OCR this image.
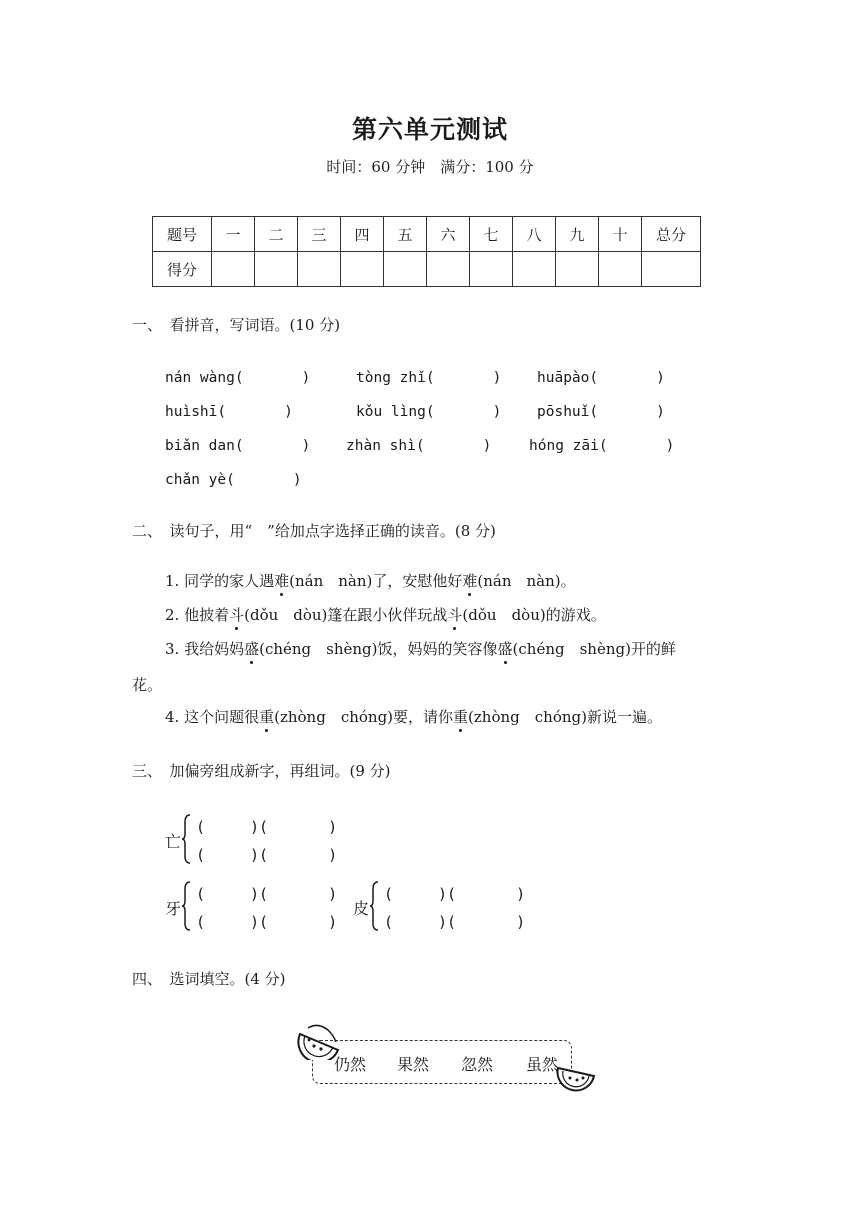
第六单元测试
时间：60 分钟　满分：100 分
题号	一	二	三	四	五	六	七	八	九	十	总分
得分											
一、　看拼音，写词语。(10 分)
nán wàng(　　　　)	tòng zhǐ(　　　　) huāpào(　　　　)
huìshī(　　　　)	kǒu lìng(　　　　) pōshuǐ(　　　　)
biǎn dan(　　　　) zhàn shì(　　　　)	hóng zāi(　　　　)
chǎn yè(　　　　)
二、　读句子，用“　”给加点字选择正确的读音。(8 分)
1. 同学的家人遇难(nán　nàn)了，安慰他好难(nán　nàn)。
2. 他披着斗(dǒu　dòu)篷在跟小伙伴玩战斗(dǒu　dòu)的游戏。
3. 我给妈妈盛(chéng　shèng)饭，妈妈的笑容像盛(chéng　shèng)开的鲜
花。
4. 这个问题很重(zhòng　chóng)要，请你重(zhòng　chóng)新说一遍。
三、　加偏旁组成新字，再组词。(9 分)
亡
(　　　)(　　　　)
(　　　)(　　　　)
牙
(　　　)(　　　　)
(　　　)(　　　　)
皮
(　　　)(　　　　)
(　　　)(　　　　)
四、　选词填空。(4 分)
仍然 果然 忽然 虽然
